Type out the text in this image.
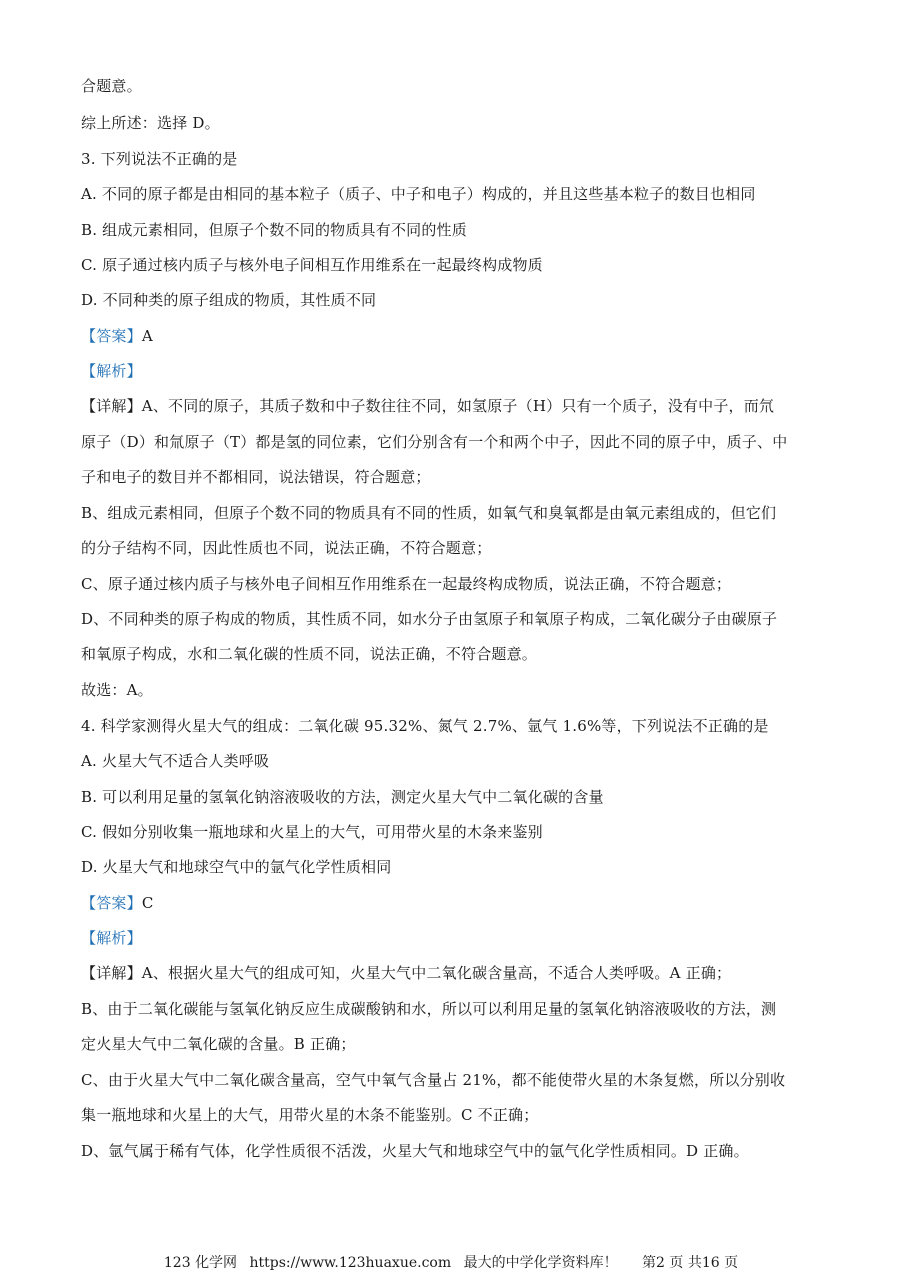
合题意。
综上所述：选择 D。
3. 下列说法不正确的是
A. 不同的原子都是由相同的基本粒子（质子、中子和电子）构成的，并且这些基本粒子的数目也相同
B. 组成元素相同，但原子个数不同的物质具有不同的性质
C. 原子通过核内质子与核外电子间相互作用维系在一起最终构成物质
D. 不同种类的原子组成的物质，其性质不同
【答案】A
【解析】
【详解】A、不同的原子，其质子数和中子数往往不同，如氢原子（H）只有一个质子，没有中子，而氘
原子（D）和氚原子（T）都是氢的同位素，它们分别含有一个和两个中子，因此不同的原子中，质子、中
子和电子的数目并不都相同，说法错误，符合题意；
B、组成元素相同，但原子个数不同的物质具有不同的性质，如氧气和臭氧都是由氧元素组成的，但它们
的分子结构不同，因此性质也不同，说法正确，不符合题意；
C、原子通过核内质子与核外电子间相互作用维系在一起最终构成物质，说法正确，不符合题意；
D、不同种类的原子构成的物质，其性质不同，如水分子由氢原子和氧原子构成，二氧化碳分子由碳原子
和氧原子构成，水和二氧化碳的性质不同，说法正确，不符合题意。
故选：A。
4. 科学家测得火星大气的组成：二氧化碳 95.32%、氮气 2.7%、氩气 1.6%等，下列说法不正确的是
A. 火星大气不适合人类呼吸
B. 可以利用足量的氢氧化钠溶液吸收的方法，测定火星大气中二氧化碳的含量
C. 假如分别收集一瓶地球和火星上的大气，可用带火星的木条来鉴别
D. 火星大气和地球空气中的氩气化学性质相同
【答案】C
【解析】
【详解】A、根据火星大气的组成可知，火星大气中二氧化碳含量高，不适合人类呼吸。A 正确；
B、由于二氧化碳能与氢氧化钠反应生成碳酸钠和水，所以可以利用足量的氢氧化钠溶液吸收的方法，测
定火星大气中二氧化碳的含量。B 正确；
C、由于火星大气中二氧化碳含量高，空气中氧气含量占 21%，都不能使带火星的木条复燃，所以分别收
集一瓶地球和火星上的大气，用带火星的木条不能鉴别。C 不正确；
D、氩气属于稀有气体，化学性质很不活泼，火星大气和地球空气中的氩气化学性质相同。D 正确。
123 化学网 https://www.123huaxue.com 最大的中学化学资料库！ 第2 页 共16 页
